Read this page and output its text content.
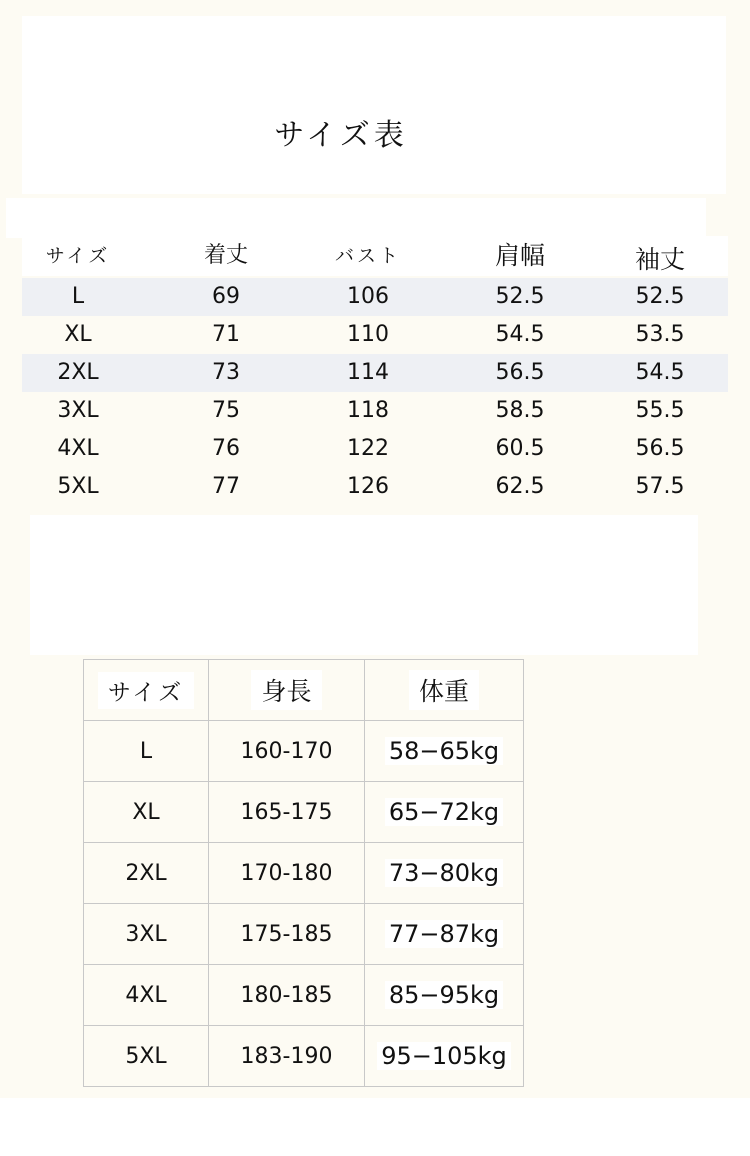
サイズ表
サイズ	着丈	バスト	肩幅	袖丈
L	69	106	52.5	52.5
XL	71	110	54.5	53.5
2XL	73	114	56.5	54.5
3XL	75	118	58.5	55.5
4XL	76	122	60.5	56.5
5XL	77	126	62.5	57.5
サイズ	身長	体重
L	160-170	58−65kg
XL	165-175	65−72kg
2XL	170-180	73−80kg
3XL	175-185	77−87kg
4XL	180-185	85−95kg
5XL	183-190	95−105kg
